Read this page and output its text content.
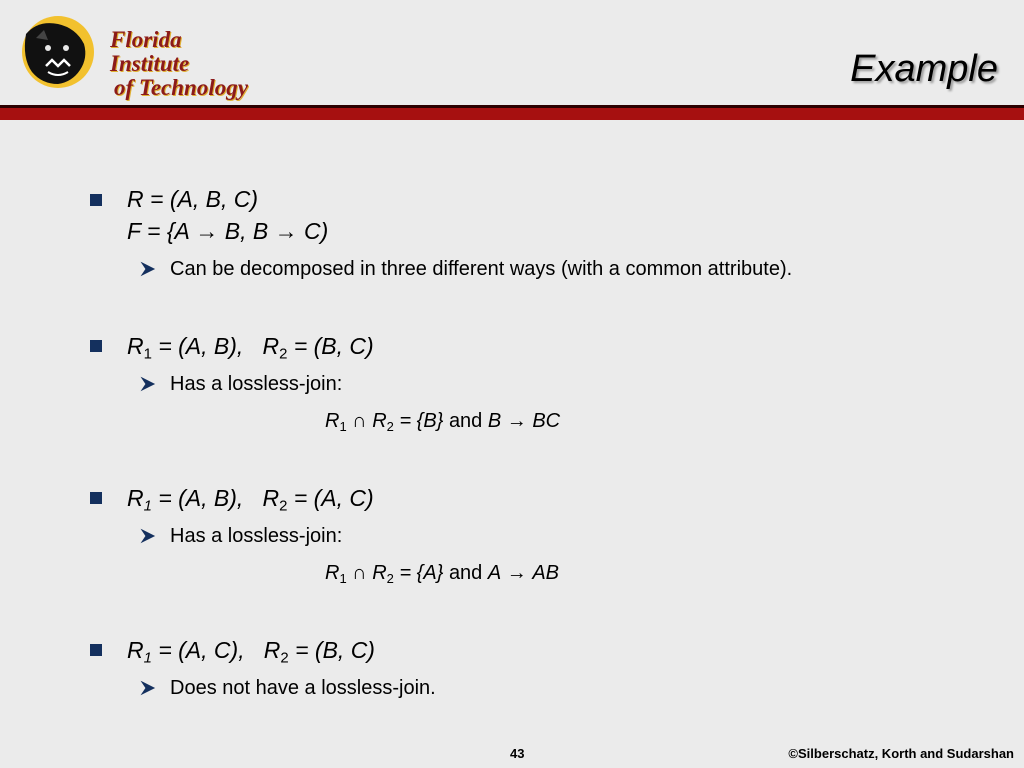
Florida Institute
of Technology	Example
R = (A, B, C)
F = {A → B, B → C)
Can be decomposed in three different ways (with a common attribute).
$R_1 = (A$, B), $R_2 = (B$, C)
Has a lossless-join:
$R_1$ ∩ $R_2 = \{B\}$ and B → BC
$R_1 = (A$, B), $R_2 = (A$, C)
Has a lossless-join:
$R_1$ ∩ $R_2 = \{A\}$ and A → AB
$R_1 = (A$, C), $R_2 = (B$, C)
Does not have a lossless-join.
43	©Silberschatz, Korth and Sudarshan
